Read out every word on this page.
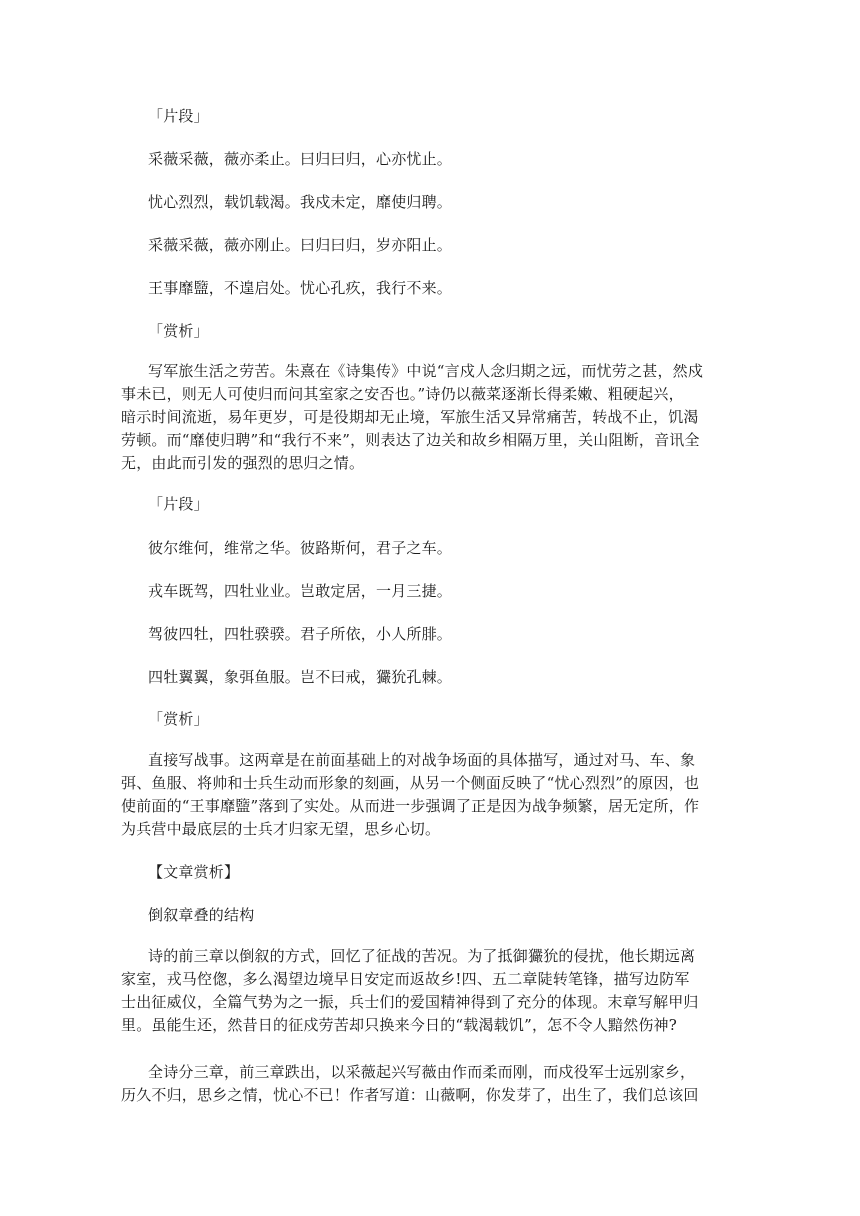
「片段」
采薇采薇，薇亦柔止。曰归曰归，心亦忧止。
忧心烈烈，载饥载渴。我戍未定，靡使归聘。
采薇采薇，薇亦刚止。曰归曰归，岁亦阳止。
王事靡盬，不遑启处。忧心孔疚，我行不来。
「赏析」
写军旅生活之劳苦。朱熹在《诗集传》中说“言戍人念归期之远，而忧劳之甚，然戍
事未已，则无人可使归而问其室家之安否也。”诗仍以薇菜逐渐长得柔嫩、粗硬起兴，
暗示时间流逝，易年更岁，可是役期却无止境，军旅生活又异常痛苦，转战不止，饥渴
劳顿。而“靡使归聘”和“我行不来”，则表达了边关和故乡相隔万里，关山阻断，音讯全
无，由此而引发的强烈的思归之情。
「片段」
彼尔维何，维常之华。彼路斯何，君子之车。
戎车既驾，四牡业业。岂敢定居，一月三捷。
驾彼四牡，四牡骙骙。君子所依，小人所腓。
四牡翼翼，象弭鱼服。岂不曰戒，玁狁孔棘。
「赏析」
直接写战事。这两章是在前面基础上的对战争场面的具体描写，通过对马、车、象
弭、鱼服、将帅和士兵生动而形象的刻画，从另一个侧面反映了“忧心烈烈”的原因，也
使前面的“王事靡盬”落到了实处。从而进一步强调了正是因为战争频繁，居无定所，作
为兵营中最底层的士兵才归家无望，思乡心切。
【文章赏析】
倒叙章叠的结构
诗的前三章以倒叙的方式，回忆了征战的苦况。为了抵御玁狁的侵扰，他长期远离
家室，戎马倥偬，多么渴望边境早日安定而返故乡!四、五二章陡转笔锋，描写边防军
士出征威仪，全篇气势为之一振，兵士们的爱国精神得到了充分的体现。末章写解甲归
里。虽能生还，然昔日的征戍劳苦却只换来今日的“载渴载饥”，怎不令人黯然伤神?
全诗分三章，前三章跌出，以采薇起兴写薇由作而柔而刚，而戍役军士远别家乡，
历久不归，思乡之情，忧心不已！作者写道：山薇啊，你发芽了，出生了，我们总该回
